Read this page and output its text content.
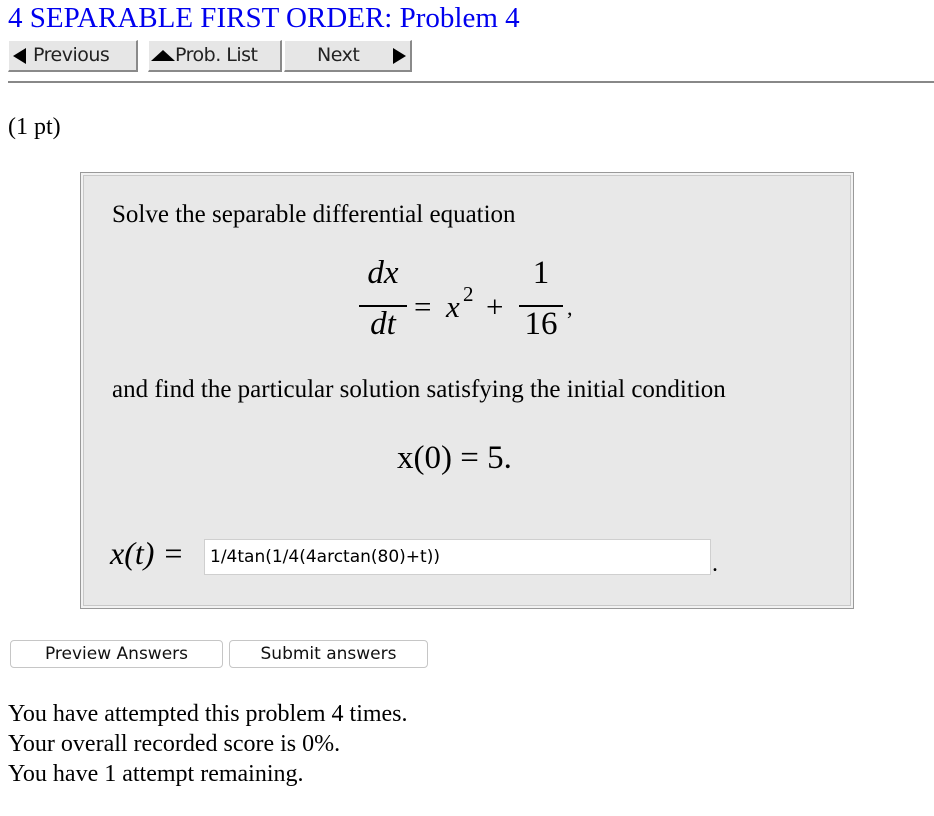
4 SEPARABLE FIRST ORDER: Problem 4
Previous	Prob. List	Next
(1 pt)
Solve the separable differential equation
dx
dt = x 2 +
1
16 ,
and find the particular solution satisfying the initial condition
x(0) = 5.
x(t) =
1/4tan(1/4(4arctan(80)+t))	.
Preview Answers	Submit answers
You have attempted this problem 4 times.
Your overall recorded score is 0%.
You have 1 attempt remaining.
